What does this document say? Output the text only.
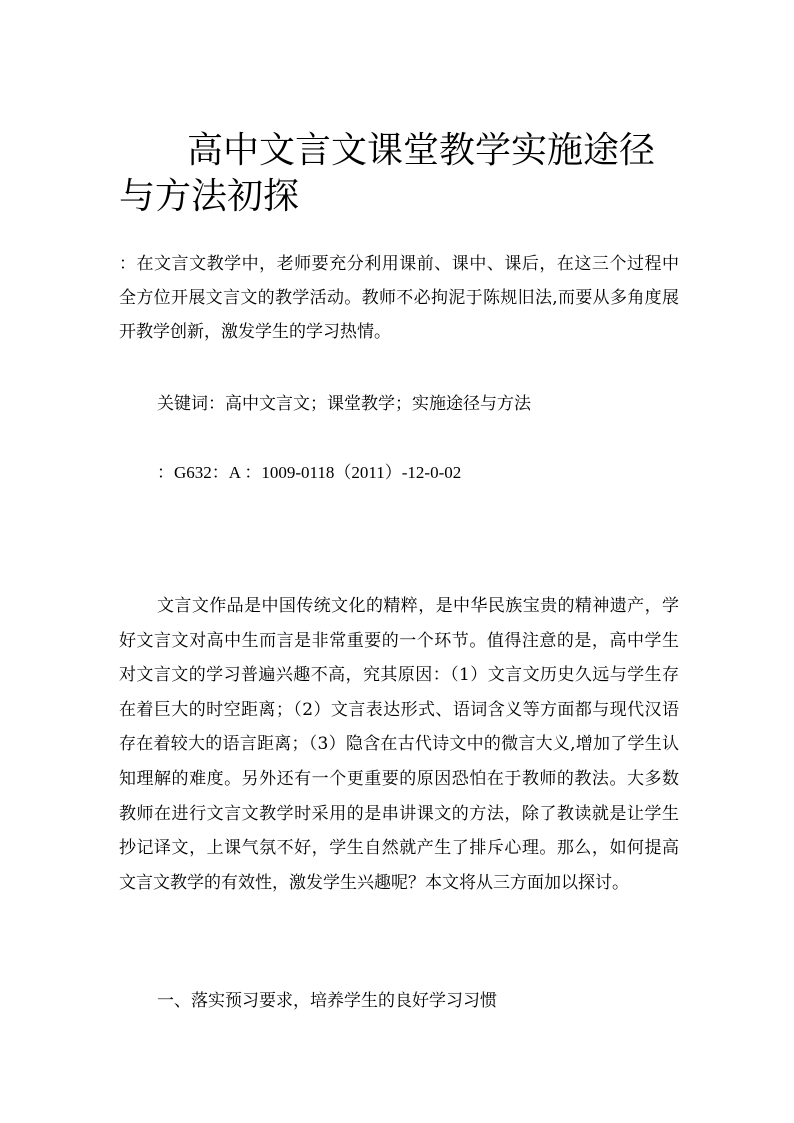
高中文言文课堂教学实施途径与方法初探

：在文言文教学中，老师要充分利用课前、课中、课后，在这三个过程中全方位开展文言文的教学活动。教师不必拘泥于陈规旧法,而要从多角度展开教学创新，激发学生的学习热情。

关键词：高中文言文；课堂教学；实施途径与方法

：G632：A ：1009-0118（2011）-12-0-02

文言文作品是中国传统文化的精粹，是中华民族宝贵的精神遗产，学好文言文对高中生而言是非常重要的一个环节。值得注意的是，高中学生对文言文的学习普遍兴趣不高，究其原因：（1）文言文历史久远与学生存在着巨大的时空距离；（2）文言表达形式、语词含义等方面都与现代汉语存在着较大的语言距离；（3）隐含在古代诗文中的微言大义,增加了学生认知理解的难度。另外还有一个更重要的原因恐怕在于教师的教法。大多数教师在进行文言文教学时采用的是串讲课文的方法，除了教读就是让学生抄记译文，上课气氛不好，学生自然就产生了排斥心理。那么，如何提高文言文教学的有效性，激发学生兴趣呢？本文将从三方面加以探讨。

一、落实预习要求，培养学生的良好学习习惯
